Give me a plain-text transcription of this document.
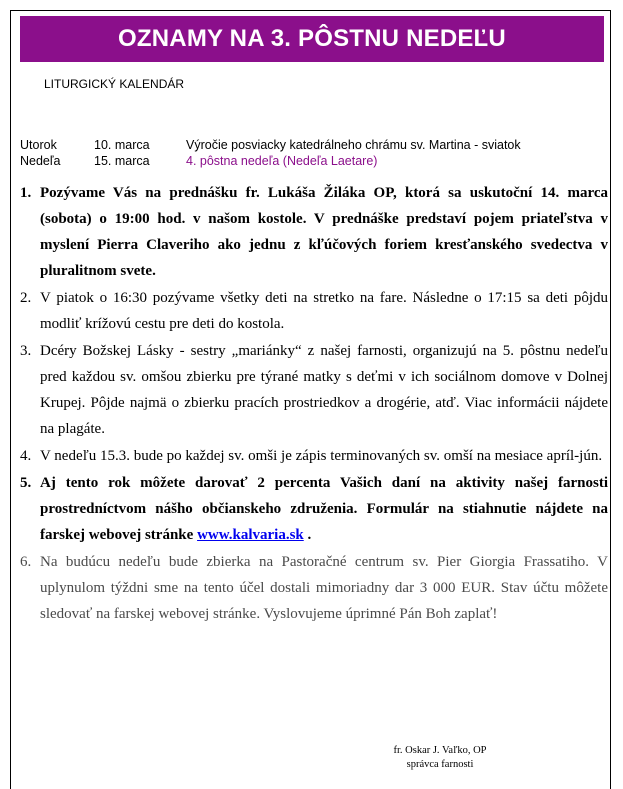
OZNAMY NA 3. PÔSTNU NEDEĽU
LITURGICKÝ KALENDÁR
Utorok	10. marca	Výročie posviacky katedrálneho chrámu sv. Martina - sviatok
Nedeľa	15. marca	4. pôstna nedeľa (Nedeľa Laetare)
1. Pozývame Vás na prednášku fr. Lukáša Žiláka OP, ktorá sa uskutoční 14. marca (sobota) o 19:00 hod. v našom kostole. V prednáške predstaví pojem priateľstva v myslení Pierra Claveriho ako jednu z kľúčových foriem kresťanského svedectva v pluralitnom svete.
2. V piatok o 16:30 pozývame všetky deti na stretko na fare. Následne o 17:15 sa deti pôjdu modliť krížovú cestu pre deti do kostola.
3. Dcéry Božskej Lásky - sestry „mariánky“ z našej farnosti, organizujú na 5. pôstnu nedeľu pred každou sv. omšou zbierku pre týrané matky s deťmi v ich sociálnom domove v Dolnej Krupej. Pôjde najmä o zbierku pracích prostriedkov a drogérie, atď. Viac informácii nájdete na plagáte.
4. V nedeľu 15.3. bude po každej sv. omši je zápis terminovaných sv. omší na mesiace apríl-jún.
5. Aj tento rok môžete darovať 2 percenta Vašich daní na aktivity našej farnosti prostredníctvom nášho občianskeho združenia. Formulár na stiahnutie nájdete na farskej webovej stránke www.kalvaria.sk .
6. Na budúcu nedeľu bude zbierka na Pastoračné centrum sv. Pier Giorgia Frassatiho. V uplynulom týždni sme na tento účel dostali mimoriadny dar 3 000 EUR. Stav účtu môžete sledovať na farskej webovej stránke. Vyslovujeme úprimné Pán Boh zaplať!
fr. Oskar J. Vaľko, OP
správca farnosti
